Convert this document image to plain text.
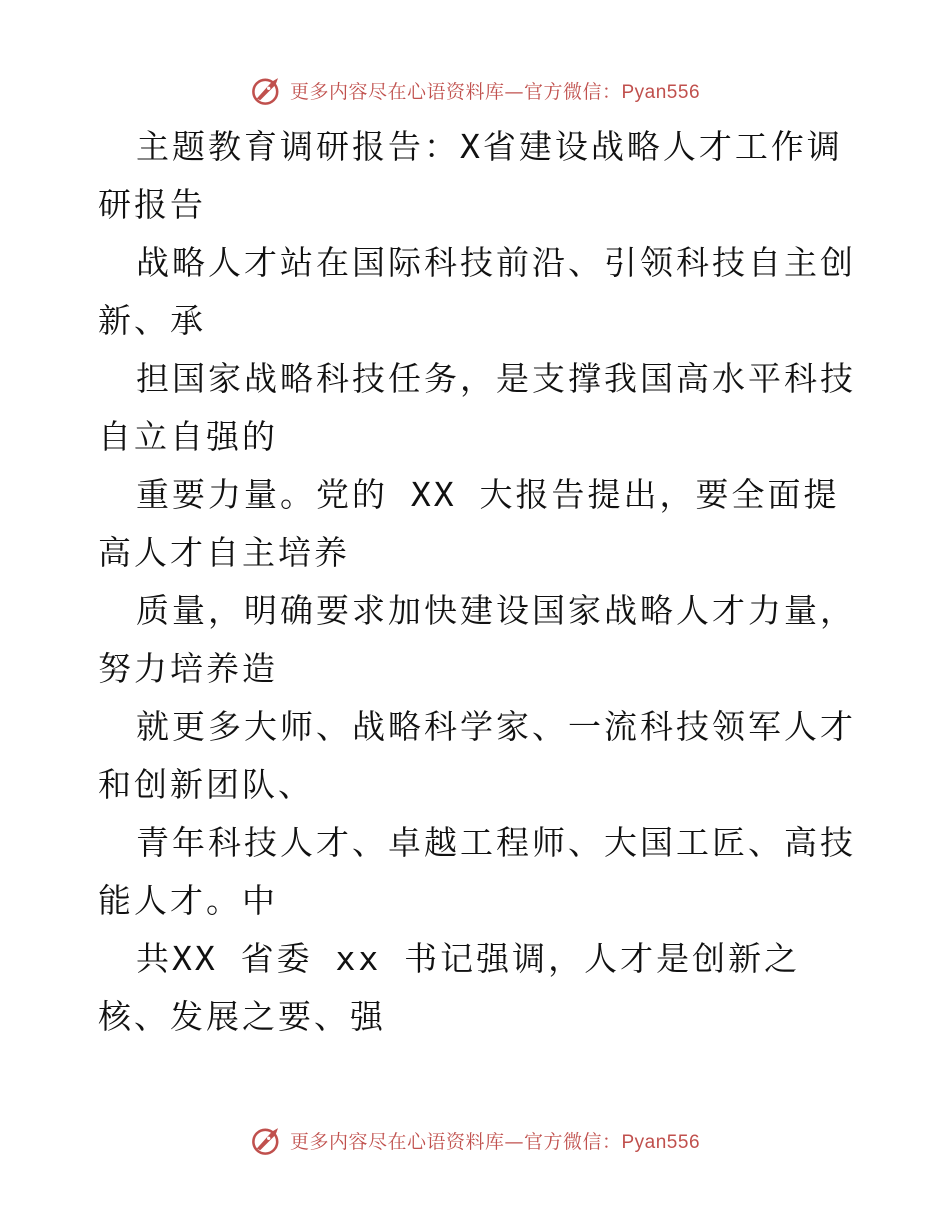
更多内容尽在心语资料库—官方微信：Pyan556

主题教育调研报告：X省建设战略人才工作调研报告

战略人才站在国际科技前沿、引领科技自主创新、承

担国家战略科技任务，是支撑我国高水平科技自立自强的

重要力量。党的 XX 大报告提出，要全面提高人才自主培养

质量，明确要求加快建设国家战略人才力量，努力培养造

就更多大师、战略科学家、一流科技领军人才和创新团队、

青年科技人才、卓越工程师、大国工匠、高技能人才。中

共XX 省委 xx 书记强调，人才是创新之核、发展之要、强

更多内容尽在心语资料库—官方微信：Pyan556
